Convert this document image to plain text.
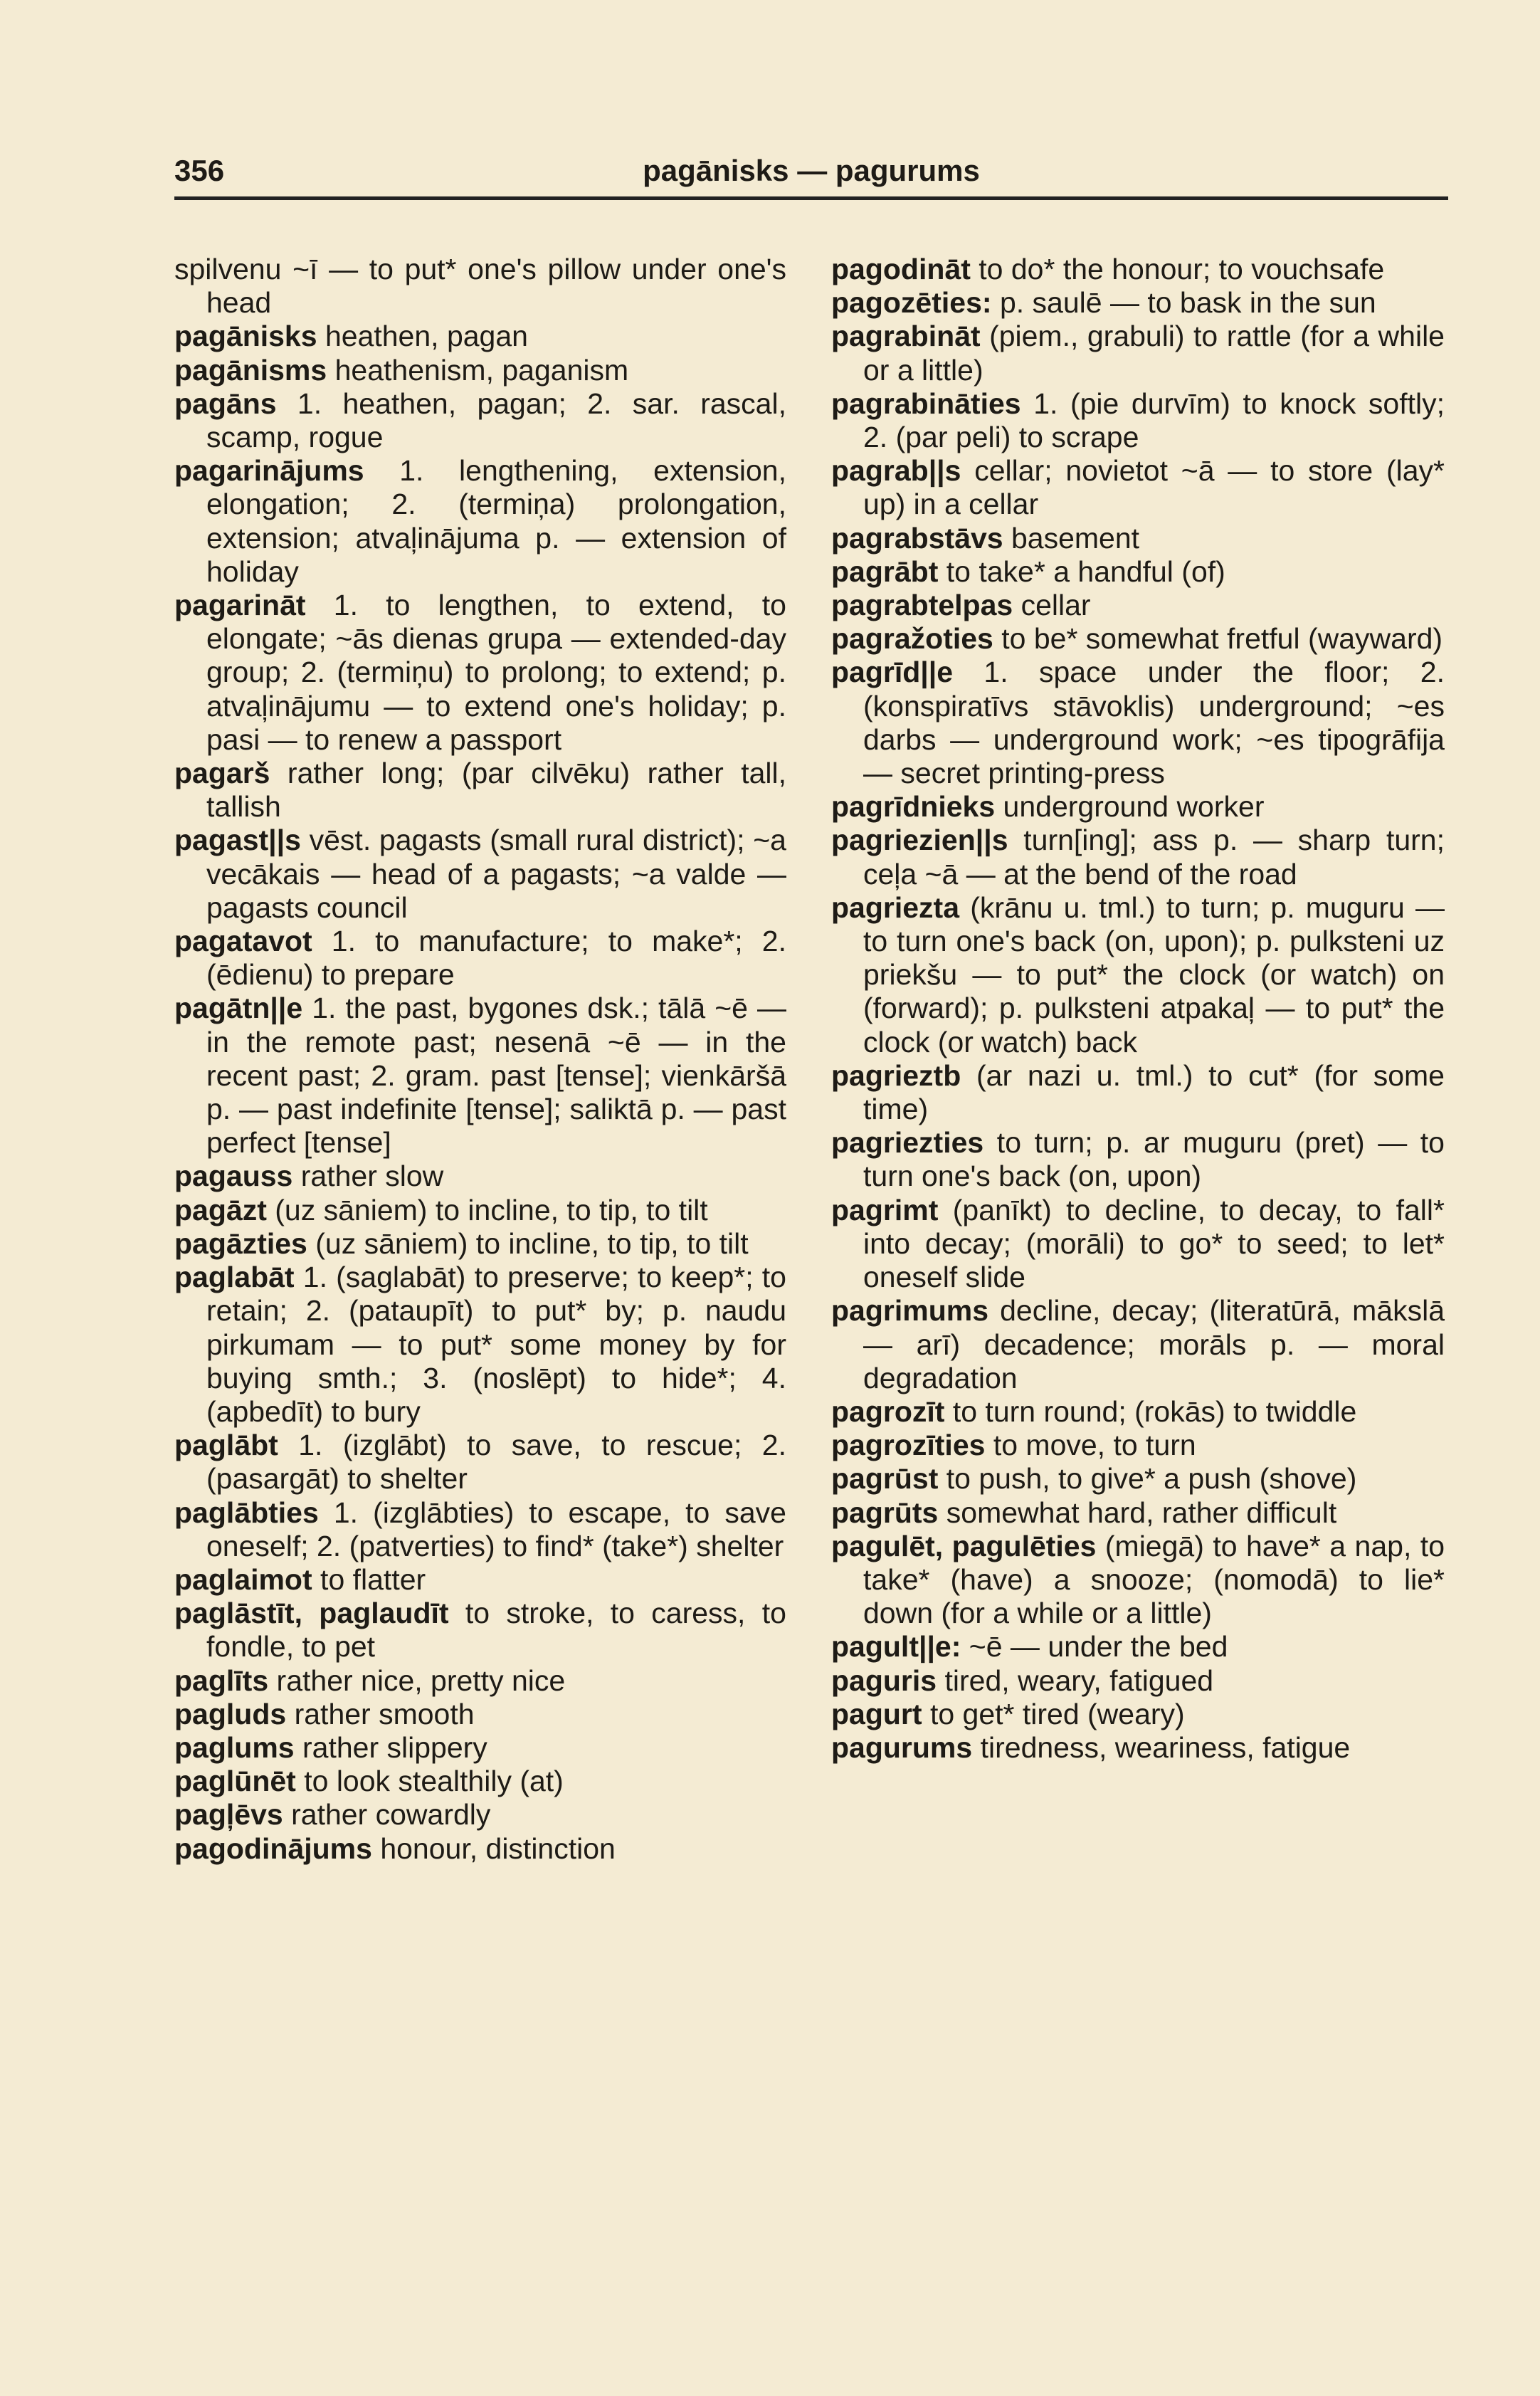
356	pagānisks — pagurums

spilvenu ~ī — to put* one's pillow under one's head

pagānisks heathen, pagan

pagānisms heathenism, paganism

pagāns 1. heathen, pagan; 2. sar. rascal, scamp, rogue

pagarinājums 1. lengthening, extension, elongation; 2. (termiņa) prolongation, extension; atvaļinājuma p. — extension of holiday

pagarināt 1. to lengthen, to extend, to elongate; ~ās dienas grupa — extended-day group; 2. (termiņu) to prolong; to extend; p. atvaļinājumu — to extend one's holiday; p. pasi — to renew a passport

pagarš rather long; (par cilvēku) rather tall, tallish

pagast||s vēst. pagasts (small rural district); ~a vecākais — head of a pagasts; ~a valde — pagasts council

pagatavot 1. to manufacture; to make*; 2. (ēdienu) to prepare

pagātn||e 1. the past, bygones dsk.; tālā ~ē — in the remote past; nesenā ~ē — in the recent past; 2. gram. past [tense]; vienkāršā p. — past indefinite [tense]; saliktā p. — past perfect [tense]

pagauss rather slow

pagāzt (uz sāniem) to incline, to tip, to tilt

pagāzties (uz sāniem) to incline, to tip, to tilt

paglabāt 1. (saglabāt) to preserve; to keep*; to retain; 2. (pataupīt) to put* by; p. naudu pirkumam — to put* some money by for buying smth.; 3. (noslēpt) to hide*; 4. (apbedīt) to bury

paglābt 1. (izglābt) to save, to rescue; 2. (pasargāt) to shelter

paglābties 1. (izglābties) to escape, to save oneself; 2. (patverties) to find* (take*) shelter

paglaimot to flatter

paglāstīt, paglaudīt to stroke, to caress, to fondle, to pet

paglīts rather nice, pretty nice

pagluds rather smooth

paglums rather slippery

paglūnēt to look stealthily (at)

pagļēvs rather cowardly

pagodinājums honour, distinction

pagodināt to do* the honour; to vouchsafe

pagozēties: p. saulē — to bask in the sun

pagrabināt (piem., grabuli) to rattle (for a while or a little)

pagrabināties 1. (pie durvīm) to knock softly; 2. (par peli) to scrape

pagrab||s cellar; novietot ~ā — to store (lay* up) in a cellar

pagrabstāvs basement

pagrābt to take* a handful (of)

pagrabtelpas cellar

pagražoties to be* somewhat fretful (wayward)

pagrīd||e 1. space under the floor; 2. (konspiratīvs stāvoklis) underground; ~es darbs — underground work; ~es tipogrāfija — secret printing-press

pagrīdnieks underground worker

pagriezien||s turn[ing]; ass p. — sharp turn; ceļa ~ā — at the bend of the road

pagriezta (krānu u. tml.) to turn; p. muguru — to turn one's back (on, upon); p. pulksteni uz priekšu — to put* the clock (or watch) on (forward); p. pulksteni atpakaļ — to put* the clock (or watch) back

pagrieztb (ar nazi u. tml.) to cut* (for some time)

pagriezties to turn; p. ar muguru (pret) — to turn one's back (on, upon)

pagrimt (panīkt) to decline, to decay, to fall* into decay; (morāli) to go* to seed; to let* oneself slide

pagrimums decline, decay; (literatūrā, mākslā — arī) decadence; morāls p. — moral degradation

pagrozīt to turn round; (rokās) to twiddle

pagrozīties to move, to turn

pagrūst to push, to give* a push (shove)

pagrūts somewhat hard, rather difficult

pagulēt, pagulēties (miegā) to have* a nap, to take* (have) a snooze; (nomodā) to lie* down (for a while or a little)

pagult||e: ~ē — under the bed

paguris tired, weary, fatigued

pagurt to get* tired (weary)

pagurums tiredness, weariness, fatigue
